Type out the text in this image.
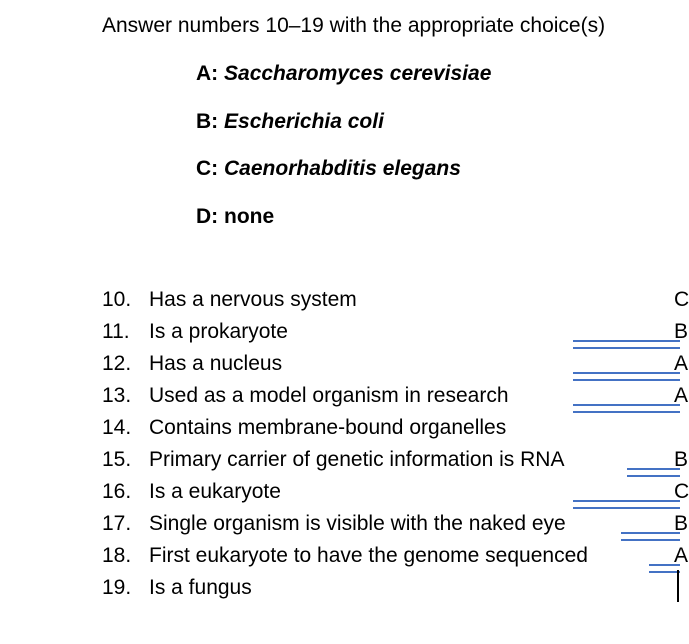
Answer numbers 10–19 with the appropriate choice(s)
A: Saccharomyces cerevisiae
B: Escherichia coli
C: Caenorhabditis elegans
D: none
10. Has a nervous system
11. Is a prokaryote
12. Has a nucleus
13. Used as a model organism in research
14. Contains membrane-bound organelles
15. Primary carrier of genetic information is RNA
16. Is a eukaryote
17. Single organism is visible with the naked eye
18. First eukaryote to have the genome sequenced
19. Is a fungus
C
B
A
A
B
C
B
A
